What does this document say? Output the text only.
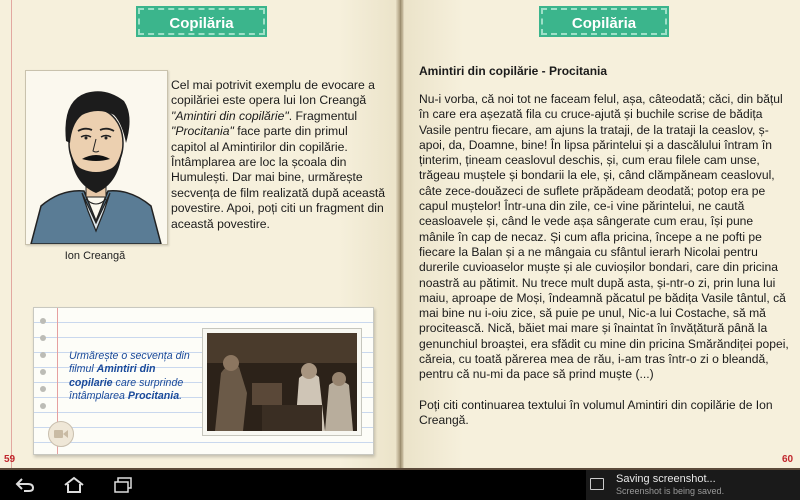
Copilăria
Ion Creangă
Cel mai potrivit exemplu de evocare a copilăriei este opera lui Ion Creangă "Amintiri din copilărie". Fragmentul "Procitania" face parte din primul capitol al Amintirilor din copilărie. Întâmplarea are loc la școala din Humulești. Dar mai bine, urmărește secvența de film realizată după această povestire. Apoi, poți citi un fragment din această povestire.
Urmărește o secvența din filmul Amintiri din copilarie care surprinde întâmplarea Procitania.
59
Copilăria
Amintiri din copilărie - Procitania

Nu-i vorba, că noi tot ne faceam felul, așa, câteodată; căci, din bățul în care era așezată fila cu cruce-ajută și buchile scrise de bădița Vasile pentru fiecare, am ajuns la trataji, de la trataji la ceaslov, ș-apoi, da, Doamne, bine! În lipsa părintelui și a dascălului întram în ținterim, țineam ceaslovul deschis, și, cum erau filele cam unse, trăgeau muștele și bondarii la ele, și, când clămpăneam ceaslovul, câte zece-douăzeci de suflete prăpădeam deodată; potop era pe capul muștelor! Într-una din zile, ce-i vine părintelui, ne caută ceasloavele și, când le vede așa sângerate cum erau, își pune mânile în cap de necaz. Și cum afla pricina, începe a ne pofti pe fiecare la Balan și a ne mângaia cu sfântul ierarh Nicolai pentru durerile cuvioaselor muște și ale cuvioșilor bondari, care din pricina noastră au pătimit. Nu trece mult după asta, și-ntr-o zi, prin luna lui maiu, aproape de Moși, îndeamnă păcatul pe bădița Vasile tântul, că mai bine nu i-oiu zice, să puie pe unul, Nic-a lui Costache, să mă procitească. Nică, băiet mai mare și înaintat în învățătură până la genunchiul broaștei, era sfădit cu mine din pricina Smărăndiței popei, căreia, cu toată părerea mea de rău, i-am tras într-o zi o bleandă, pentru că nu-mi da pace să prind muște (...)

Poți citi continuarea textului în volumul Amintiri din copilărie de Ion Creangă.

60
Saving screenshot...
Screenshot is being saved.
